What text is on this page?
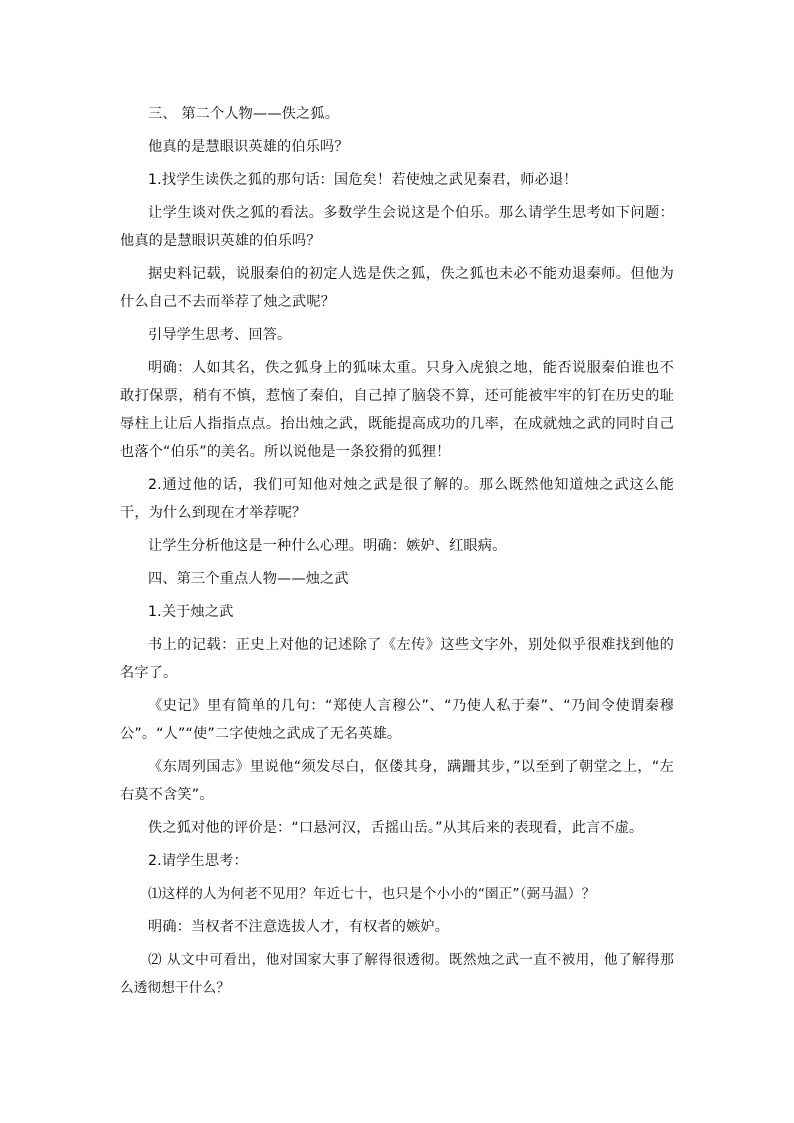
三、 第二个人物——佚之狐。

他真的是慧眼识英雄的伯乐吗？

1.找学生读佚之狐的那句话：国危矣！若使烛之武见秦君，师必退！

让学生谈对佚之狐的看法。多数学生会说这是个伯乐。那么请学生思考如下问题：他真的是慧眼识英雄的伯乐吗？

据史料记载，说服秦伯的初定人选是佚之狐，佚之狐也未必不能劝退秦师。但他为什么自己不去而举荐了烛之武呢？

引导学生思考、回答。

明确：人如其名，佚之狐身上的狐味太重。只身入虎狼之地，能否说服秦伯谁也不敢打保票，稍有不慎，惹恼了秦伯，自己掉了脑袋不算，还可能被牢牢的钉在历史的耻辱柱上让后人指指点点。抬出烛之武，既能提高成功的几率，在成就烛之武的同时自己也落个“伯乐”的美名。所以说他是一条狡猾的狐狸！

2.通过他的话，我们可知他对烛之武是很了解的。那么既然他知道烛之武这么能干，为什么到现在才举荐呢？

让学生分析他这是一种什么心理。明确：嫉妒、红眼病。

四、第三个重点人物——烛之武

1.关于烛之武

书上的记载：正史上对他的记述除了《左传》这些文字外，别处似乎很难找到他的名字了。

《史记》里有简单的几句：“郑使人言穆公”、“乃使人私于秦”、“乃间令使谓秦穆公”。“人”“使”二字使烛之武成了无名英雄。

《东周列国志》里说他“须发尽白，伛偻其身，蹒跚其步，”以至到了朝堂之上，“左右莫不含笑”。

佚之狐对他的评价是：“口悬河汉，舌摇山岳。”从其后来的表现看，此言不虚。

2.请学生思考：

⑴这样的人为何老不见用？年近七十，也只是个小小的“圉正”（弼马温）？

明确：当权者不注意选拔人才，有权者的嫉妒。

⑵ 从文中可看出，他对国家大事了解得很透彻。既然烛之武一直不被用，他了解得那么透彻想干什么？
